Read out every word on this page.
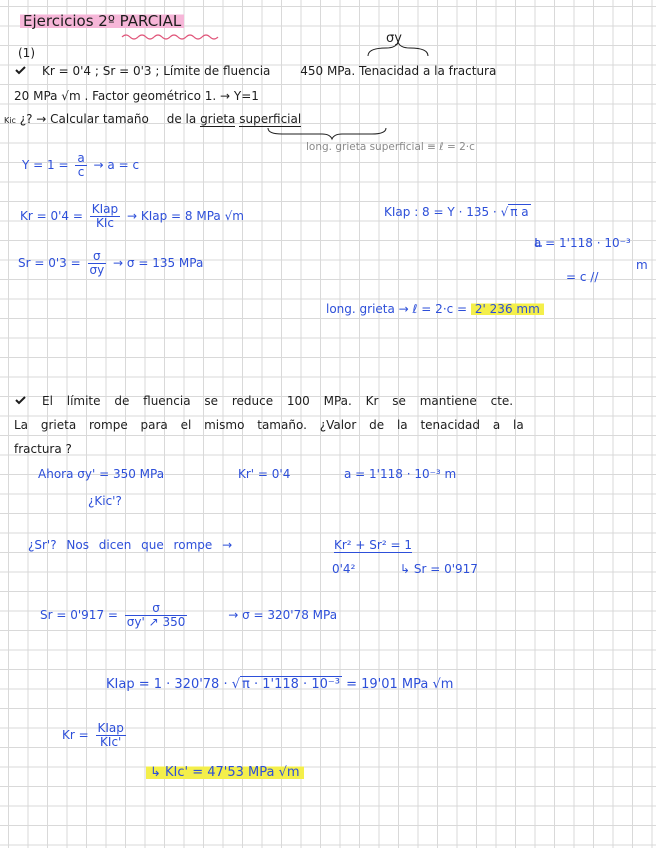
Ejercicios 2º PARCIAL
(1)
Kr = 0'4 ; Sr = 0'3 ; Límite de fluencia 450 MPa. Tenacidad a la fractura
σy
20 MPa √m . Factor geométrico 1. → Y=1
Kic ¿? → Calcular tamaño de la grieta superficial
long. grieta superficial ≡ ℓ = 2·c
$Y = 1 = \frac{a}{c} \to a = c$
$Kr = 0'4 = \frac{\text{KIap}}{\text{KIc}}$ → KIap = 8 MPa √m	KIap : 8 = Y · 135 · √ π a
a = 1'118 · 10⁻³
m
= c //
$Sr = 0'3 = \frac{\sigma}{\sigma y} \to \sigma = 135$ MPa
long. grieta → ℓ = 2·c = 2' 236 mm
El límite de fluencia se reduce 100 MPa. Kr se mantiene cte.
La grieta rompe para el mismo tamaño. ¿Valor de la tenacidad a la
fractura ?
Ahora σy' = 350 MPa	Kr' = 0'4	a = 1'118 · 10⁻³ m
¿Kic'?
¿Sr'? Nos dicen que rompe →	Kr² + Sr² = 1
0'4²	↳ Sr = 0'917
$Sr = 0'917 = \frac{\sigma}{\sigma y' ↗ 350}$	→ σ = 320'78 MPa
KIap = 1 · 320'78 · √ π · 1'118 · 10⁻³ = 19'01 MPa √m
$Kr = \frac{\text{KIap}}{\text{KIc'}}$
↳ KIc' = 47'53 MPa √m
